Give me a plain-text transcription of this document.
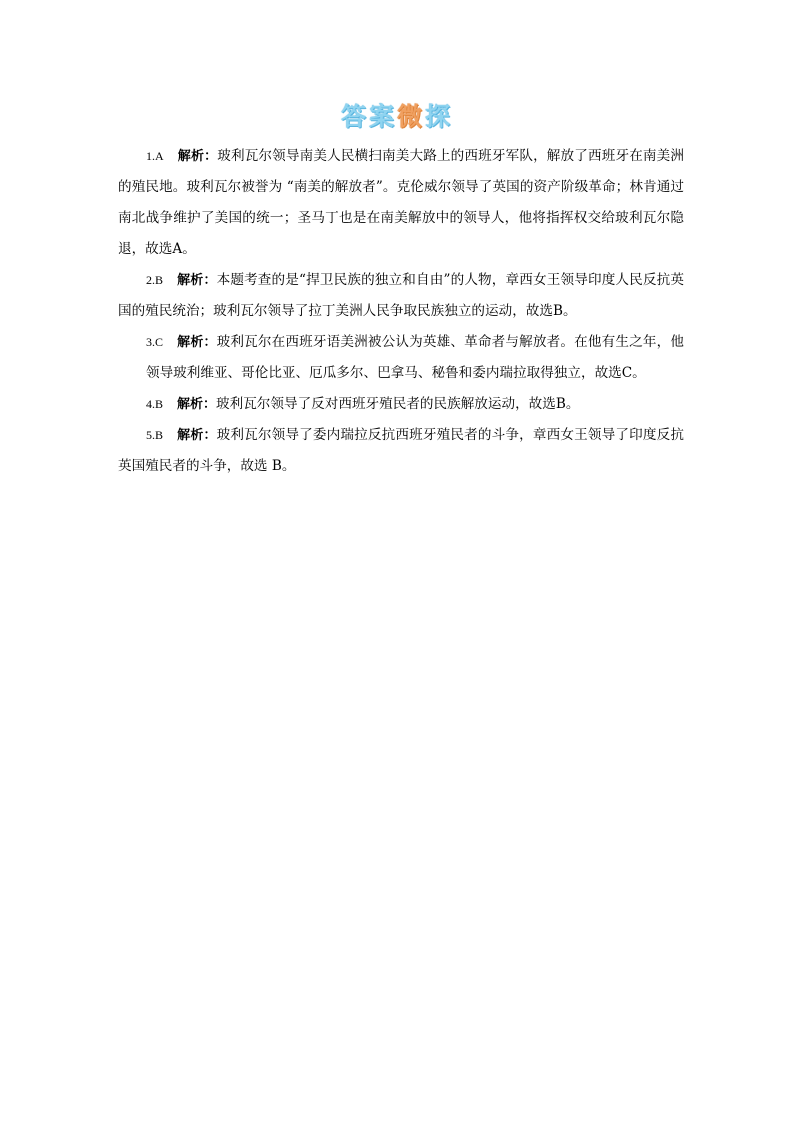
答案微探

1.A 解析：玻利瓦尔领导南美人民横扫南美大路上的西班牙军队，解放了西班牙在南美洲的殖民地。玻利瓦尔被誉为 “南美的解放者”。克伦威尔领导了英国的资产阶级革命；林肯通过南北战争维护了美国的统一；圣马丁也是在南美解放中的领导人，他将指挥权交给玻利瓦尔隐退，故选A。

2.B 解析：本题考查的是“捍卫民族的独立和自由”的人物，章西女王领导印度人民反抗英国的殖民统治；玻利瓦尔领导了拉丁美洲人民争取民族独立的运动，故选B。

3.C 解析：玻利瓦尔在西班牙语美洲被公认为英雄、革命者与解放者。在他有生之年，他领导玻利维亚、哥伦比亚、厄瓜多尔、巴拿马、秘鲁和委内瑞拉取得独立，故选C。

4.B 解析：玻利瓦尔领导了反对西班牙殖民者的民族解放运动，故选B。

5.B 解析：玻利瓦尔领导了委内瑞拉反抗西班牙殖民者的斗争，章西女王领导了印度反抗英国殖民者的斗争，故选 B。
